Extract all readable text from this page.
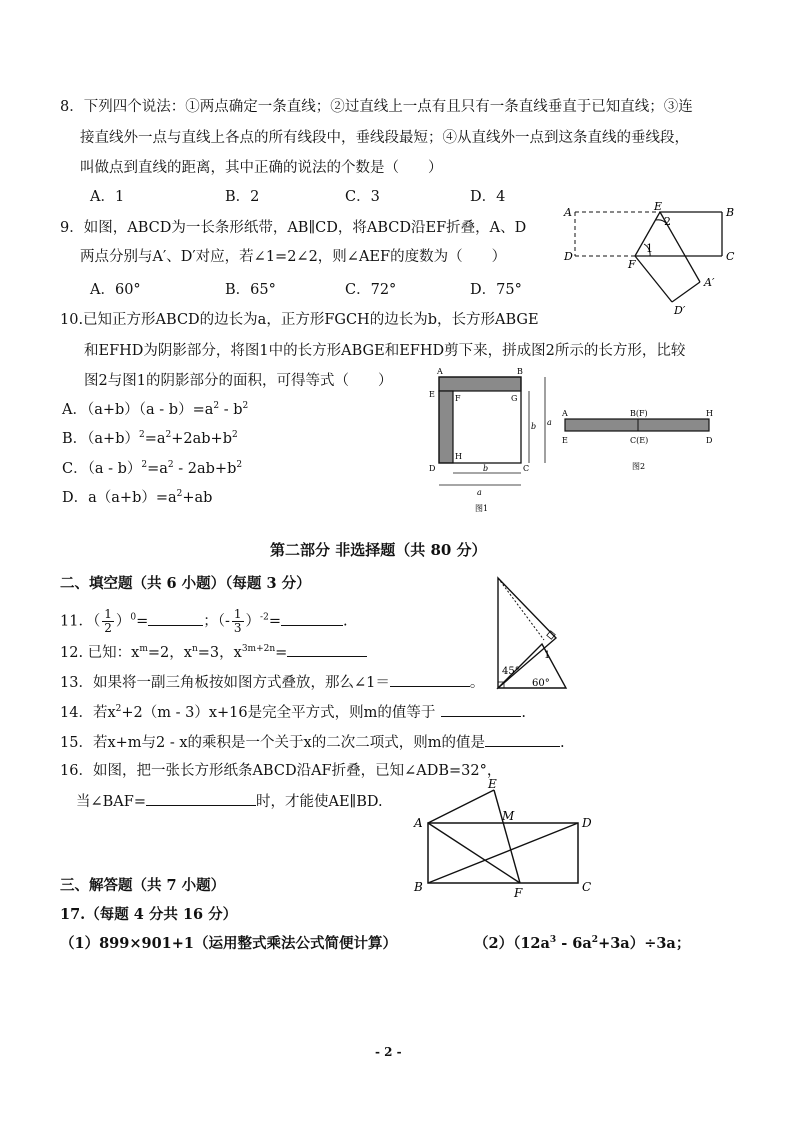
8．下列四个说法：①两点确定一条直线；②过直线上一点有且只有一条直线垂直于已知直线；③连
接直线外一点与直线上各点的所有线段中，垂线段最短；④从直线外一点到这条直线的垂线段，
叫做点到直线的距离，其中正确的说法的个数是（　　）
A．1	B．2	C．3	D．4
9．如图，ABCD为一长条形纸带，AB∥CD，将ABCD沿EF折叠，A、D
两点分别与A′、D′对应，若∠1=2∠2，则∠AEF的度数为（　　）
A．60°	B．65°	C．72°	D．75°
A	E
2
B
D
1
F
C
A′
D′
10.已知正方形ABCD的边长为a，正方形FGCH的边长为b，长方形ABGE
和EFHD为阴影部分，将图1中的长方形ABGE和EFHD剪下来，拼成图2所示的长方形，比较
图2与图1的阴影部分的面积，可得等式（　　）
A．$(a+b)(a - b)=a^2 - b^2$
B．$(a+b)^2=a^2+2ab+b^2$
C．$(a - b)^2=a^2 - 2ab+b^2$
D．$a(a+b)=a^2+ab$
A	B
E	F	G
D
H
C
a
b
b
a
图1
A	B(F)	H
E	C(E)	D
图2
第二部分 非选择题（共 80 分）
二、填空题（共 6 小题）（每题 3 分）
11．（ $\frac{1}{2} )^0=$	；（- $\frac{1}{3} )^{-2}=$	.
12. 已知：$x^m=2$，$x^n=3$，$x^{3m+2n}=$
13．如果将一副三角板按如图方式叠放，那么∠1＝	。
45°
60°
1
14．若$x^2+2(m - 3)x+16$是完全平方式，则m的值等于	.
15．若x+m与2 - x的乘积是一个关于x的二次二项式，则m的值是	.
16．如图，把一张长方形纸条ABCD沿AF折叠，已知∠ADB=32°，
当∠BAF=	时，才能使AE∥BD.
A
E
M	D
B	F	C
三、解答题（共 7 小题）
17.（每题 4 分共 16 分）
（1）899×901+1（运用整式乘法公式简便计算）	$(2)(12a^3 - 6a^2+3a)\div 3a$；
- 2 -
